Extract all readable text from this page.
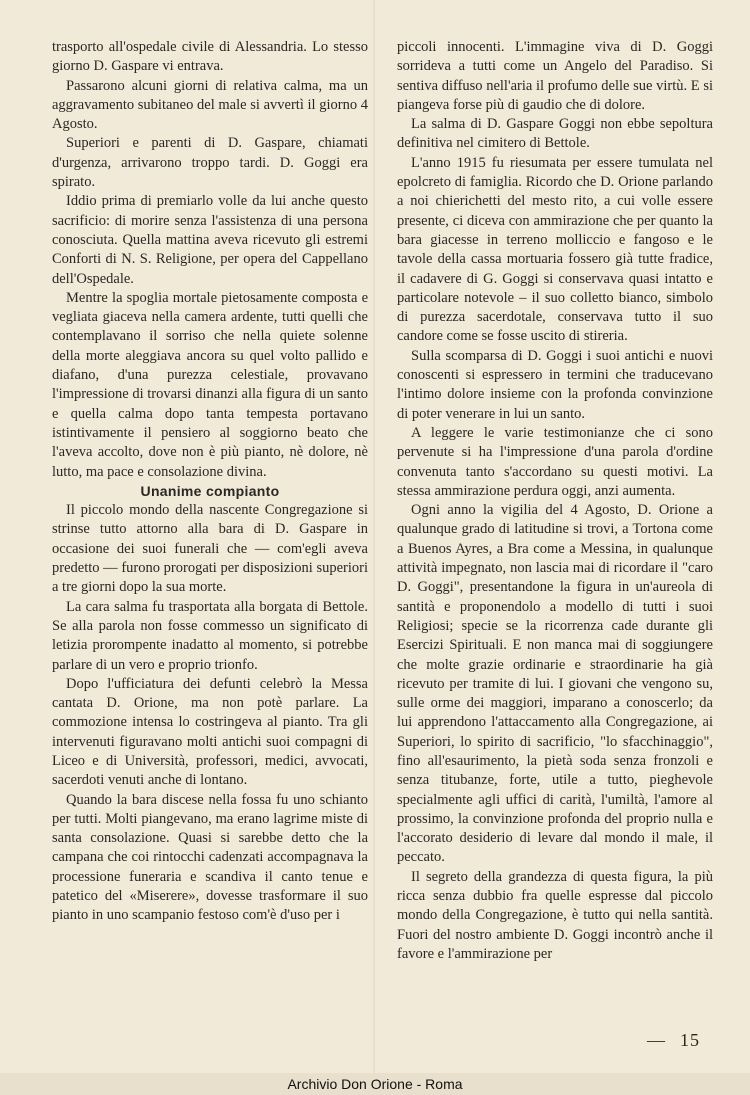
trasporto all'ospedale civile di Alessandria. Lo stesso giorno D. Gaspare vi entrava.

Passarono alcuni giorni di relativa calma, ma un aggravamento subitaneo del male si avvertì il giorno 4 Agosto.

Superiori e parenti di D. Gaspare, chiamati d'urgenza, arrivarono troppo tardi. D. Goggi era spirato.

Iddio prima di premiarlo volle da lui anche questo sacrificio: di morire senza l'assistenza di una persona conosciuta. Quella mattina aveva ricevuto gli estremi Conforti di N. S. Religione, per opera del Cappellano dell'Ospedale.

Mentre la spoglia mortale pietosamente composta e vegliata giaceva nella camera ardente, tutti quelli che contemplavano il sorriso che nella quiete solenne della morte aleggiava ancora su quel volto pallido e diafano, d'una purezza celestiale, provavano l'impressione di trovarsi dinanzi alla figura di un santo e quella calma dopo tanta tempesta portavano istintivamente il pensiero al soggiorno beato che l'aveva accolto, dove non è più pianto, nè dolore, nè lutto, ma pace e consolazione divina.

Unanime compianto

Il piccolo mondo della nascente Congregazione si strinse tutto attorno alla bara di D. Gaspare in occasione dei suoi funerali che — com'egli aveva predetto — furono prorogati per disposizioni superiori a tre giorni dopo la sua morte.

La cara salma fu trasportata alla borgata di Bettole. Se alla parola non fosse commesso un significato di letizia prorompente inadatto al momento, si potrebbe parlare di un vero e proprio trionfo.

Dopo l'ufficiatura dei defunti celebrò la Messa cantata D. Orione, ma non potè parlare. La commozione intensa lo costringeva al pianto. Tra gli intervenuti figuravano molti antichi suoi compagni di Liceo e di Università, professori, medici, avvocati, sacerdoti venuti anche di lontano.

Quando la bara discese nella fossa fu uno schianto per tutti. Molti piangevano, ma erano lagrime miste di santa consolazione. Quasi si sarebbe detto che la campana che coi rintocchi cadenzati accompagnava la processione funeraria e scandiva il canto tenue e patetico del «Miserere», dovesse trasformare il suo pianto in uno scampanio festoso com'è d'uso per i

piccoli innocenti. L'immagine viva di D. Goggi sorrideva a tutti come un Angelo del Paradiso. Si sentiva diffuso nell'aria il profumo delle sue virtù. E si piangeva forse più di gaudio che di dolore.

La salma di D. Gaspare Goggi non ebbe sepoltura definitiva nel cimitero di Bettole.

L'anno 1915 fu riesumata per essere tumulata nel epolcreto di famiglia. Ricordo che D. Orione parlando a noi chierichetti del mesto rito, a cui volle essere presente, ci diceva con ammirazione che per quanto la bara giacesse in terreno molliccio e fangoso e le tavole della cassa mortuaria fossero già tutte fradice, il cadavere di G. Goggi si conservava quasi intatto e particolare notevole – il suo colletto bianco, simbolo di purezza sacerdotale, conservava tutto il suo candore come se fosse uscito di stireria.

Sulla scomparsa di D. Goggi i suoi antichi e nuovi conoscenti si espressero in termini che traducevano l'intimo dolore insieme con la profonda convinzione di poter venerare in lui un santo.

A leggere le varie testimonianze che ci sono pervenute si ha l'impressione d'una parola d'ordine convenuta tanto s'accordano su questi motivi. La stessa ammirazione perdura oggi, anzi aumenta.

Ogni anno la vigilia del 4 Agosto, D. Orione a qualunque grado di latitudine si trovi, a Tortona come a Buenos Ayres, a Bra come a Messina, in qualunque attività impegnato, non lascia mai di ricordare il "caro D. Goggi", presentandone la figura in un'aureola di santità e proponendolo a modello di tutti i suoi Religiosi; specie se la ricorrenza cade durante gli Esercizi Spirituali. E non manca mai di soggiungere che molte grazie ordinarie e straordinarie ha già ricevuto per tramite di lui. I giovani che vengono su, sulle orme dei maggiori, imparano a conoscerlo; da lui apprendono l'attaccamento alla Congregazione, ai Superiori, lo spirito di sacrificio, "lo sfacchinaggio", fino all'esaurimento, la pietà soda senza fronzoli e senza titubanze, forte, utile a tutto, pieghevole specialmente agli uffici di carità, l'umiltà, l'amore al prossimo, la convinzione profonda del proprio nulla e l'accorato desiderio di levare dal mondo il male, il peccato.

Il segreto della grandezza di questa figura, la più ricca senza dubbio fra quelle espresse dal piccolo mondo della Congregazione, è tutto qui nella santità. Fuori del nostro ambiente D. Goggi incontrò anche il favore e l'ammirazione per

— 15
Archivio Don Orione - Roma
